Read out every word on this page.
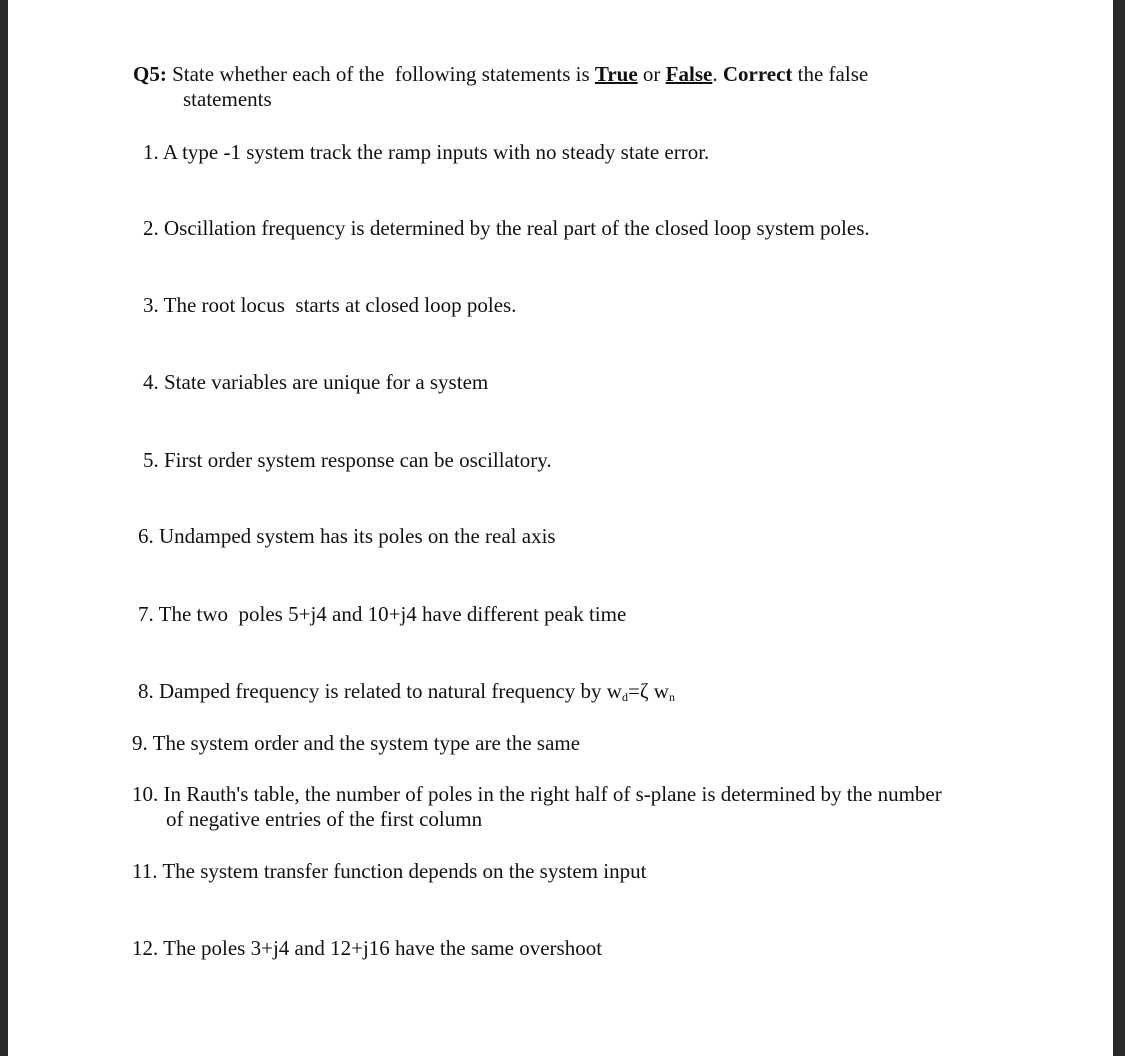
Q5: State whether each of the  following statements is True or False. Correct the false
statements
1. A type -1 system track the ramp inputs with no steady state error.
2. Oscillation frequency is determined by the real part of the closed loop system poles.
3. The root locus  starts at closed loop poles.
4. State variables are unique for a system
5. First order system response can be oscillatory.
6. Undamped system has its poles on the real axis
7. The two  poles 5+j4 and 10+j4 have different peak time
8. Damped frequency is related to natural frequency by $w_d=\zeta$ $w_n$
9. The system order and the system type are the same
10. In Rauth's table, the number of poles in the right half of s-plane is determined by the number
of negative entries of the first column
11. The system transfer function depends on the system input
12. The poles 3+j4 and 12+j16 have the same overshoot
